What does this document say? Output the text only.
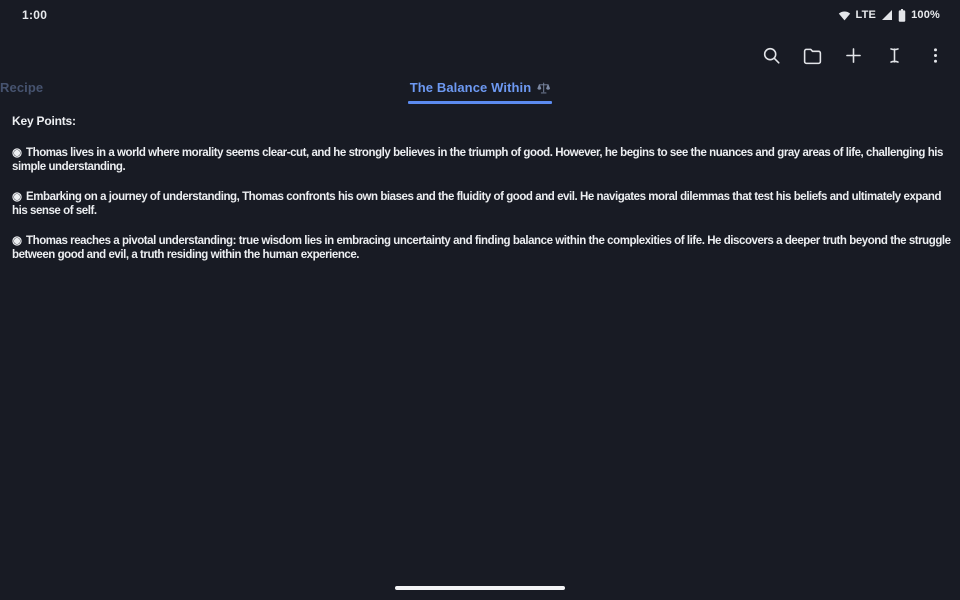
1:00	LTE	100%
Recipe	The Balance Within

Key Points:

◉ Thomas lives in a world where morality seems clear-cut, and he strongly believes in the triumph of good. However, he begins to see the nuances and gray areas of life, challenging his simple understanding.

◉ Embarking on a journey of understanding, Thomas confronts his own biases and the fluidity of good and evil. He navigates moral dilemmas that test his beliefs and ultimately expand his sense of self.

◉ Thomas reaches a pivotal understanding: true wisdom lies in embracing uncertainty and finding balance within the complexities of life. He discovers a deeper truth beyond the struggle between good and evil, a truth residing within the human experience.
